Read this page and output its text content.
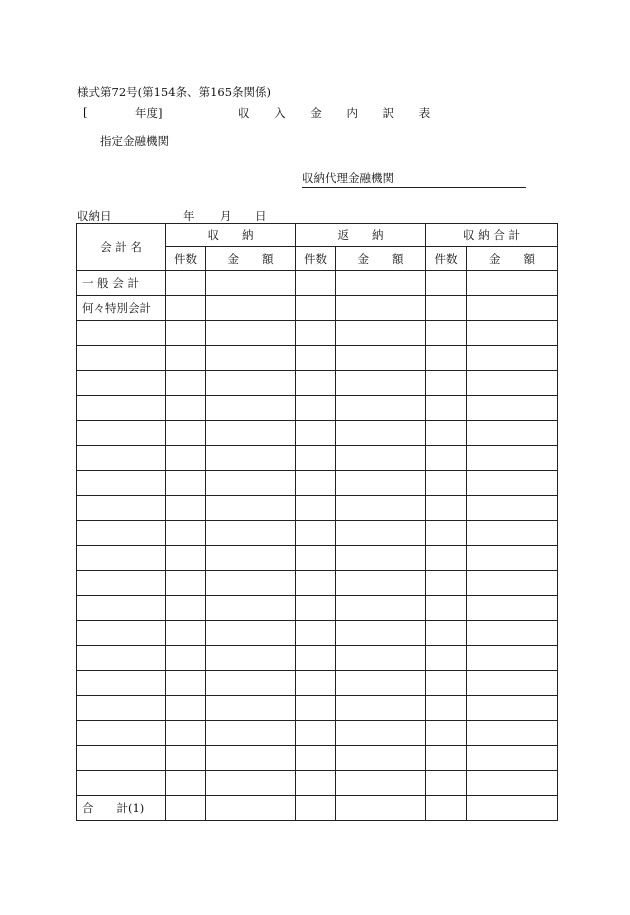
様式第72号(第154条、第165条関係)
[	年度]	収 入 金 内 訳 表
指定金融機関
収納代理金融機関
収納日	年 月 日
会 計 名	収　　納		返　　納		収 納 合 計	
	件数	金　　額	件数	金　　額	件数	金　　額
一 般 会 計						
何々特別会計						

合　　計(1)						
